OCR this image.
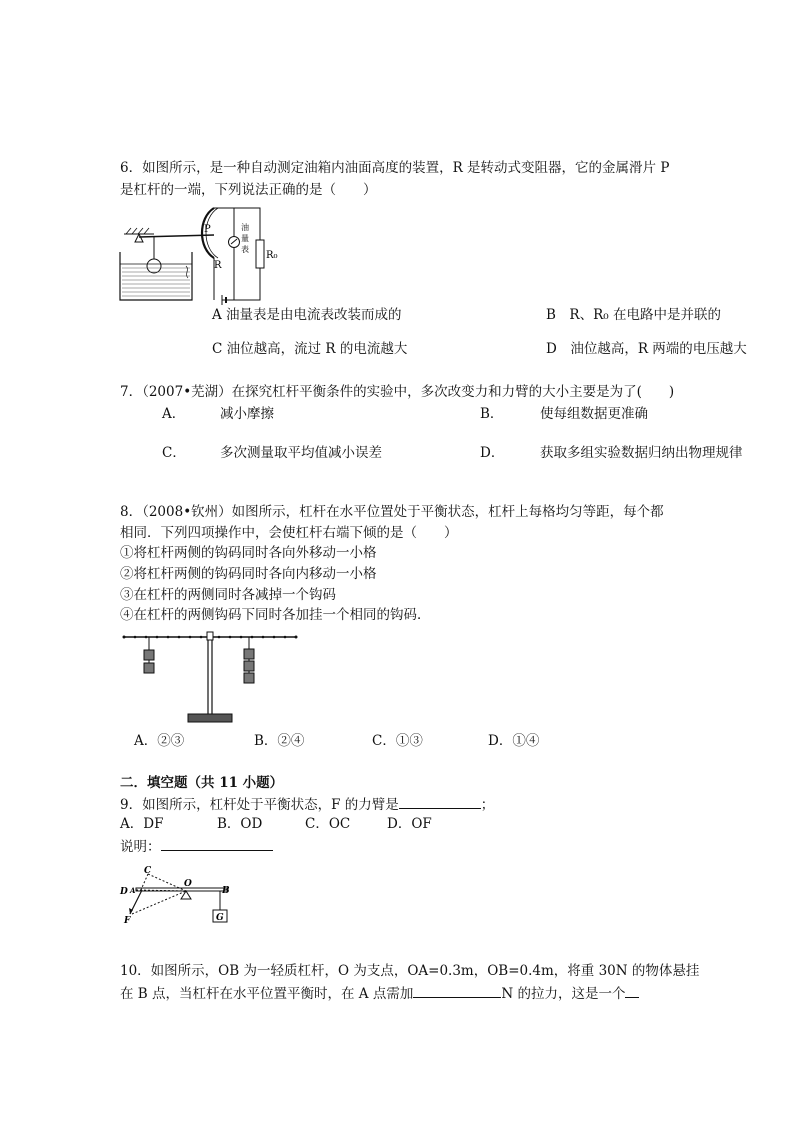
6．如图所示，是一种自动测定油箱内油面高度的装置，R 是转动式变阻器，它的金属滑片 P
是杠杆的一端，下列说法正确的是（　　）
P
R
油
量
表
R₀
A 油量表是由电流表改装而成的	B　R、R₀ 在电路中是并联的
C 油位越高，流过 R 的电流越大	D　油位越高，R 两端的电压越大
7．（2007•芜湖）在探究杠杆平衡条件的实验中，多次改变力和力臂的大小主要是为了(　　)
A．	减小摩擦	B．	使每组数据更准确
C．	多次测量取平均值减小误差	D．	获取多组实验数据归纳出物理规律
8．（2008•钦州）如图所示，杠杆在水平位置处于平衡状态，杠杆上每格均匀等距，每个都
相同．下列四项操作中，会使杠杆右端下倾的是（　　）
①将杠杆两侧的钩码同时各向外移动一小格
②将杠杆两侧的钩码同时各向内移动一小格
③在杠杆的两侧同时各减掉一个钩码
④在杠杆的两侧钩码下同时各加挂一个相同的钩码．
A．②③	B．②④	C．①③	D．①④
二．填空题（共 11 小题）
9．如图所示，杠杆处于平衡状态，F 的力臂是	；
A．DF	B．OD	C．OC	D．OF
说明：
G
C
D A
O
B
F
10．如图所示，OB 为一轻质杠杆，O 为支点，OA=0.3m，OB=0.4m，将重 30N 的物体悬挂
在 B 点，当杠杆在水平位置平衡时，在 A 点需加	N 的拉力，这是一个
